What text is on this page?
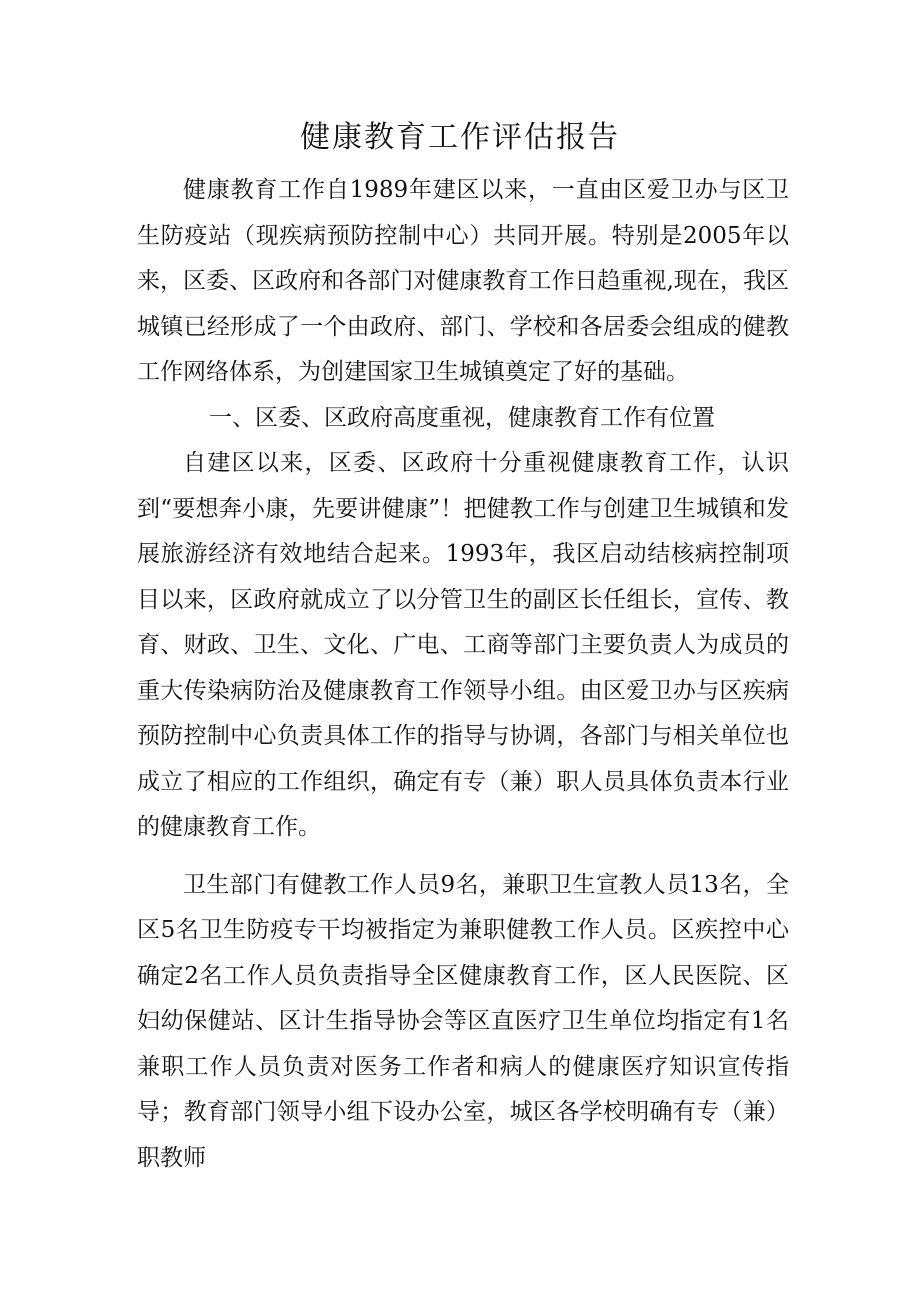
健康教育工作评估报告

健康教育工作自1989年建区以来，一直由区爱卫办与区卫生防疫站（现疾病预防控制中心）共同开展。特别是2005年以来，区委、区政府和各部门对健康教育工作日趋重视,现在，我区城镇已经形成了一个由政府、部门、学校和各居委会组成的健教工作网络体系，为创建国家卫生城镇奠定了好的基础。

一、区委、区政府高度重视，健康教育工作有位置

自建区以来，区委、区政府十分重视健康教育工作，认识到“要想奔小康，先要讲健康”！把健教工作与创建卫生城镇和发展旅游经济有效地结合起来。1993年，我区启动结核病控制项目以来，区政府就成立了以分管卫生的副区长任组长，宣传、教育、财政、卫生、文化、广电、工商等部门主要负责人为成员的重大传染病防治及健康教育工作领导小组。由区爱卫办与区疾病预防控制中心负责具体工作的指导与协调，各部门与相关单位也成立了相应的工作组织，确定有专（兼）职人员具体负责本行业的健康教育工作。

卫生部门有健教工作人员9名，兼职卫生宣教人员13名，全区5名卫生防疫专干均被指定为兼职健教工作人员。区疾控中心确定2名工作人员负责指导全区健康教育工作，区人民医院、区妇幼保健站、区计生指导协会等区直医疗卫生单位均指定有1名兼职工作人员负责对医务工作者和病人的健康医疗知识宣传指导；教育部门领导小组下设办公室，城区各学校明确有专（兼）职教师
